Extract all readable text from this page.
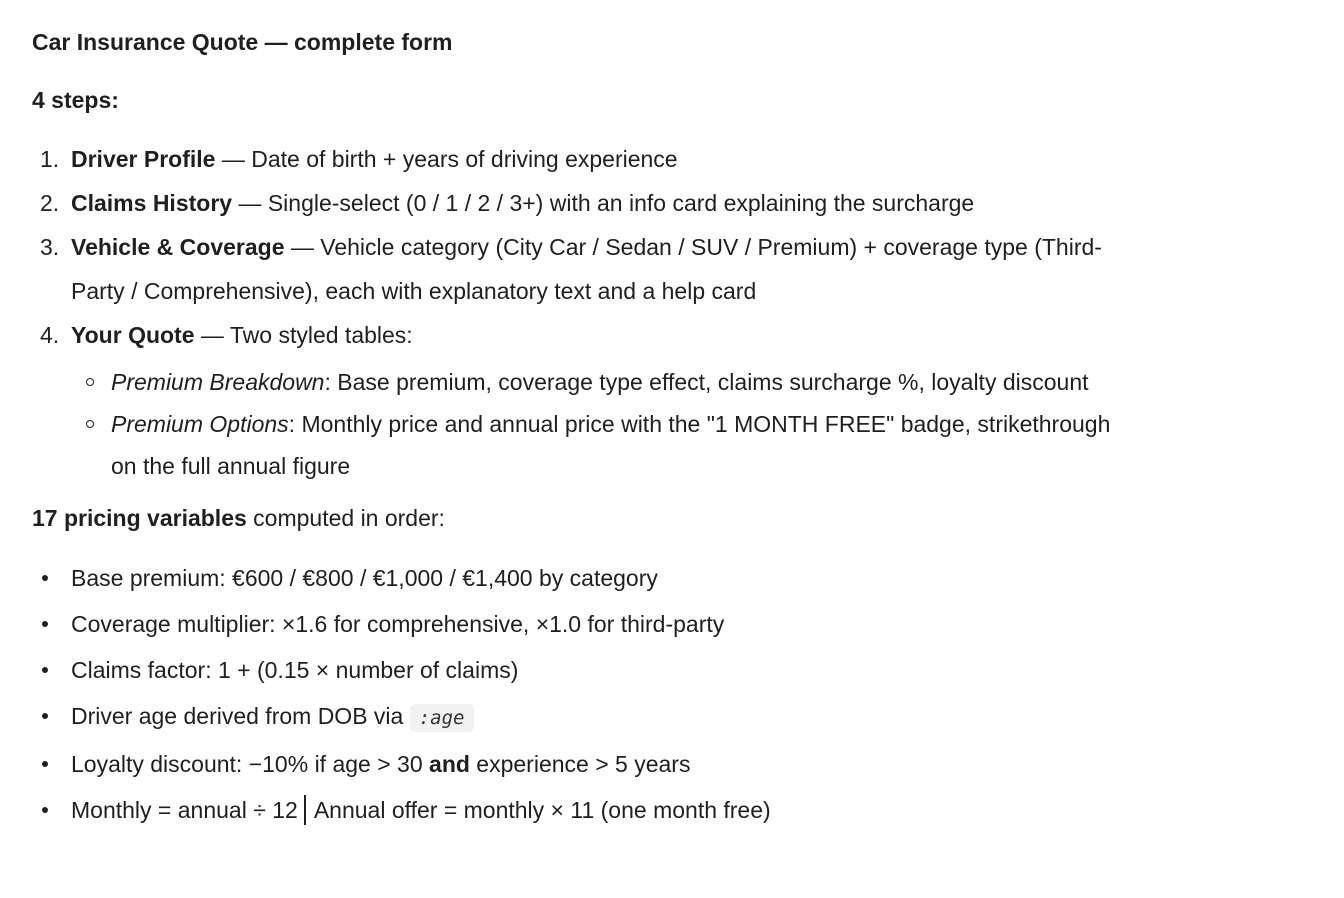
Car Insurance Quote — complete form
4 steps:
1. Driver Profile — Date of birth + years of driving experience
2. Claims History — Single-select (0 / 1 / 2 / 3+) with an info card explaining the surcharge
3. Vehicle & Coverage — Vehicle category (City Car / Sedan / SUV / Premium) + coverage type (Third-
Party / Comprehensive), each with explanatory text and a help card
4. Your Quote — Two styled tables:
Premium Breakdown: Base premium, coverage type effect, claims surcharge %, loyalty discount
Premium Options: Monthly price and annual price with the "1 MONTH FREE" badge, strikethrough
on the full annual figure
17 pricing variables computed in order:
Base premium: €600 / €800 / €1,000 / €1,400 by category
Coverage multiplier: ×1.6 for comprehensive, ×1.0 for third-party
Claims factor: 1 + (0.15 × number of claims)
Driver age derived from DOB via :age
Loyalty discount: −10% if age > 30 and experience > 5 years
Monthly = annual ÷ 12 Annual offer = monthly × 11 (one month free)
